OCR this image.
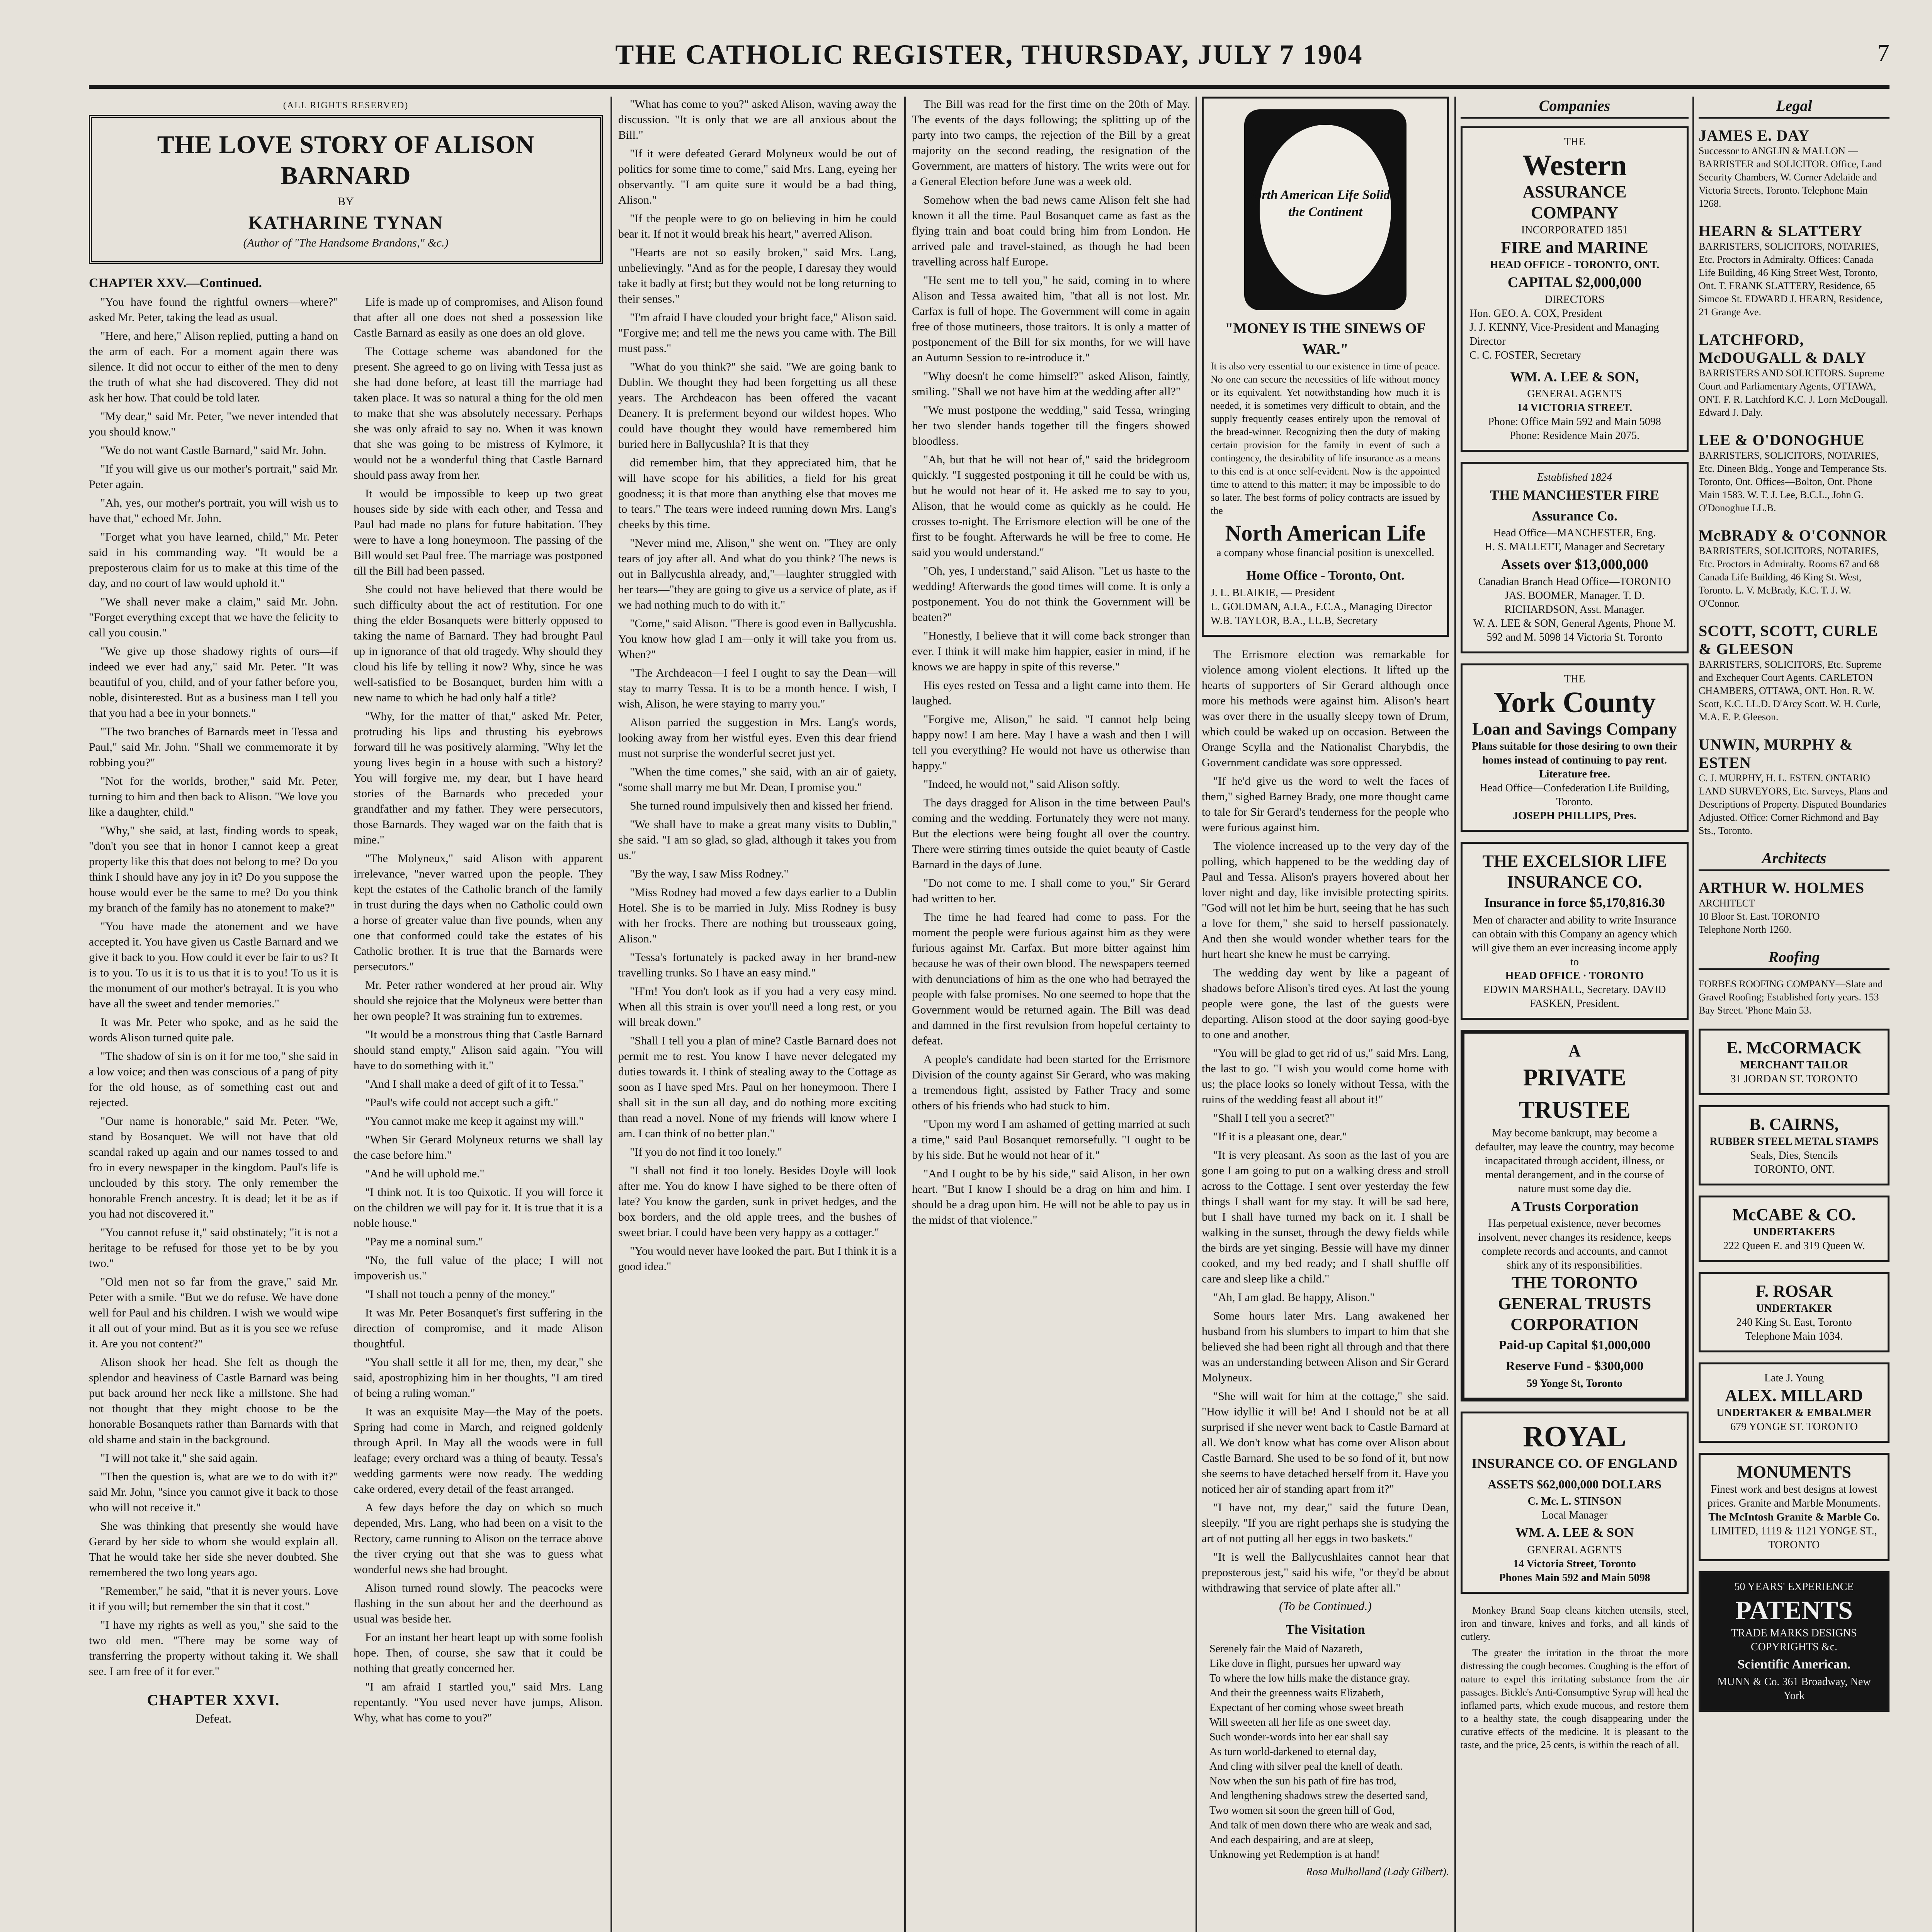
THE CATHOLIC REGISTER, THURSDAY, JULY 7 1904	7
(ALL RIGHTS RESERVED)
THE LOVE STORY OF ALISON BARNARD
BY
KATHARINE TYNAN
(Author of "The Handsome Brandons," &c.)
CHAPTER XXV.—Continued.

"You have found the rightful owners—where?" asked Mr. Peter, taking the lead as usual.

"Here, and here," Alison replied, putting a hand on the arm of each. For a moment again there was silence. It did not occur to either of the men to deny the truth of what she had discovered. They did not ask her how. That could be told later.

"My dear," said Mr. Peter, "we never intended that you should know."

"We do not want Castle Barnard," said Mr. John.

"If you will give us our mother's portrait," said Mr. Peter again.

"Ah, yes, our mother's portrait, you will wish us to have that," echoed Mr. John.

"Forget what you have learned, child," Mr. Peter said in his commanding way. "It would be a preposterous claim for us to make at this time of the day, and no court of law would uphold it."

"We shall never make a claim," said Mr. John. "Forget everything except that we have the felicity to call you cousin."

"We give up those shadowy rights of ours—if indeed we ever had any," said Mr. Peter. "It was beautiful of you, child, and of your father before you, noble, disinterested. But as a business man I tell you that you had a bee in your bonnets."

"The two branches of Barnards meet in Tessa and Paul," said Mr. John. "Shall we commemorate it by robbing you?"

"Not for the worlds, brother," said Mr. Peter, turning to him and then back to Alison. "We love you like a daughter, child."

"Why," she said, at last, finding words to speak, "don't you see that in honor I cannot keep a great property like this that does not belong to me? Do you think I should have any joy in it? Do you suppose the house would ever be the same to me? Do you think my branch of the family has no atonement to make?"

"You have made the atonement and we have accepted it. You have given us Castle Barnard and we give it back to you. How could it ever be fair to us? It is to you. To us it is to us that it is to you! To us it is the monument of our mother's betrayal. It is you who have all the sweet and tender memories."

It was Mr. Peter who spoke, and as he said the words Alison turned quite pale.

"The shadow of sin is on it for me too," she said in a low voice; and then was conscious of a pang of pity for the old house, as of something cast out and rejected.

"Our name is honorable," said Mr. Peter. "We, stand by Bosanquet. We will not have that old scandal raked up again and our names tossed to and fro in every newspaper in the kingdom. Paul's life is unclouded by this story. The only remember the honorable French ancestry. It is dead; let it be as if you had not discovered it."

"You cannot refuse it," said obstinately; "it is not a heritage to be refused for those yet to be by you two."

"Old men not so far from the grave," said Mr. Peter with a smile. "But we do refuse. We have done well for Paul and his children. I wish we would wipe it all out of your mind. But as it is you see we refuse it. Are you not content?"

Alison shook her head. She felt as though the splendor and heaviness of Castle Barnard was being put back around her neck like a millstone. She had not thought that they might choose to be the honorable Bosanquets rather than Barnards with that old shame and stain in the background.

"I will not take it," she said again.

"Then the question is, what are we to do with it?" said Mr. John, "since you cannot give it back to those who will not receive it."

She was thinking that presently she would have Gerard by her side to whom she would explain all. That he would take her side she never doubted. She remembered the two long years ago.

"Remember," he said, "that it is never yours. Love it if you will; but remember the sin that it cost."

"I have my rights as well as you," she said to the two old men. "There may be some way of transferring the property without taking it. We shall see. I am free of it for ever."

CHAPTER XXVI.
Defeat.

Life is made up of compromises, and Alison found that after all one does not shed a possession like Castle Barnard as easily as one does an old glove.

The Cottage scheme was abandoned for the present. She agreed to go on living with Tessa just as she had done before, at least till the marriage had taken place. It was so natural a thing for the old men to make that she was absolutely necessary. Perhaps she was only afraid to say no. When it was known that she was going to be mistress of Kylmore, it would not be a wonderful thing that Castle Barnard should pass away from her.

It would be impossible to keep up two great houses side by side with each other, and Tessa and Paul had made no plans for future habitation. They were to have a long honeymoon. The passing of the Bill would set Paul free. The marriage was postponed till the Bill had been passed.

She could not have believed that there would be such difficulty about the act of restitution. For one thing the elder Bosanquets were bitterly opposed to taking the name of Barnard. They had brought Paul up in ignorance of that old tragedy. Why should they cloud his life by telling it now? Why, since he was well-satisfied to be Bosanquet, burden him with a new name to which he had only half a title?

"Why, for the matter of that," asked Mr. Peter, protruding his lips and thrusting his eyebrows forward till he was positively alarming, "Why let the young lives begin in a house with such a history? You will forgive me, my dear, but I have heard stories of the Barnards who preceded your grandfather and my father. They were persecutors, those Barnards. They waged war on the faith that is mine."

"The Molyneux," said Alison with apparent irrelevance, "never warred upon the people. They kept the estates of the Catholic branch of the family in trust during the days when no Catholic could own a horse of greater value than five pounds, when any one that conformed could take the estates of his Catholic brother. It is true that the Barnards were persecutors."

Mr. Peter rather wondered at her proud air. Why should she rejoice that the Molyneux were better than her own people? It was straining fun to extremes.

"It would be a monstrous thing that Castle Barnard should stand empty," Alison said again. "You will have to do something with it."

"And I shall make a deed of gift of it to Tessa."

"Paul's wife could not accept such a gift."

"You cannot make me keep it against my will."

"When Sir Gerard Molyneux returns we shall lay the case before him."

"And he will uphold me."

"I think not. It is too Quixotic. If you will force it on the children we will pay for it. It is true that it is a noble house."

"Pay me a nominal sum."

"No, the full value of the place; I will not impoverish us."

"I shall not touch a penny of the money."

It was Mr. Peter Bosanquet's first suffering in the direction of compromise, and it made Alison thoughtful.

"You shall settle it all for me, then, my dear," she said, apostrophizing him in her thoughts, "I am tired of being a ruling woman."

It was an exquisite May—the May of the poets. Spring had come in March, and reigned goldenly through April. In May all the woods were in full leafage; every orchard was a thing of beauty. Tessa's wedding garments were now ready. The wedding cake ordered, every detail of the feast arranged.

A few days before the day on which so much depended, Mrs. Lang, who had been on a visit to the Rectory, came running to Alison on the terrace above the river crying out that she was to guess what wonderful news she had brought.

Alison turned round slowly. The peacocks were flashing in the sun about her and the deerhound as usual was beside her.

For an instant her heart leapt up with some foolish hope. Then, of course, she saw that it could be nothing that greatly concerned her.

"I am afraid I startled you," said Mrs. Lang repentantly. "You used never have jumps, Alison. Why, what has come to you?"

"What has come to you?" asked Alison, waving away the discussion. "It is only that we are all anxious about the Bill."

"If it were defeated Gerard Molyneux would be out of politics for some time to come," said Mrs. Lang, eyeing her observantly. "I am quite sure it would be a bad thing, Alison."

"If the people were to go on believing in him he could bear it. If not it would break his heart," averred Alison.

"Hearts are not so easily broken," said Mrs. Lang, unbelievingly. "And as for the people, I daresay they would take it badly at first; but they would not be long returning to their senses."

"I'm afraid I have clouded your bright face," Alison said. "Forgive me; and tell me the news you came with. The Bill must pass."

"What do you think?" she said. "We are going bank to Dublin. We thought they had been forgetting us all these years. The Archdeacon has been offered the vacant Deanery. It is preferment beyond our wildest hopes. Who could have thought they would have remembered him buried here in Ballycushla? It is that they

did remember him, that they appreciated him, that he will have scope for his abilities, a field for his great goodness; it is that more than anything else that moves me to tears." The tears were indeed running down Mrs. Lang's cheeks by this time.

"Never mind me, Alison," she went on. "They are only tears of joy after all. And what do you think? The news is out in Ballycushla already, and,"—laughter struggled with her tears—"they are going to give us a service of plate, as if we had nothing much to do with it."

"Come," said Alison. "There is good even in Ballycushla. You know how glad I am—only it will take you from us. When?"

"The Archdeacon—I feel I ought to say the Dean—will stay to marry Tessa. It is to be a month hence. I wish, I wish, Alison, he were staying to marry you."

Alison parried the suggestion in Mrs. Lang's words, looking away from her wistful eyes. Even this dear friend must not surprise the wonderful secret just yet.

"When the time comes," she said, with an air of gaiety, "some shall marry me but Mr. Dean, I promise you."

She turned round impulsively then and kissed her friend.

"We shall have to make a great many visits to Dublin," she said. "I am so glad, so glad, although it takes you from us."

"By the way, I saw Miss Rodney."

"Miss Rodney had moved a few days earlier to a Dublin Hotel. She is to be married in July. Miss Rodney is busy with her frocks. There are nothing but trousseaux going, Alison."

"Tessa's fortunately is packed away in her brand-new travelling trunks. So I have an easy mind."

"H'm! You don't look as if you had a very easy mind. When all this strain is over you'll need a long rest, or you will break down."

"Shall I tell you a plan of mine? Castle Barnard does not permit me to rest. You know I have never delegated my duties towards it. I think of stealing away to the Cottage as soon as I have sped Mrs. Paul on her honeymoon. There I shall sit in the sun all day, and do nothing more exciting than read a novel. None of my friends will know where I am. I can think of no better plan."

"If you do not find it too lonely."

"I shall not find it too lonely. Besides Doyle will look after me. You do know I have sighed to be there often of late? You know the garden, sunk in privet hedges, and the box borders, and the old apple trees, and the bushes of sweet briar. I could have been very happy as a cottager."

"You would never have looked the part. But I think it is a good idea."

The Bill was read for the first time on the 20th of May. The events of the days following; the splitting up of the party into two camps, the rejection of the Bill by a great majority on the second reading, the resignation of the Government, are matters of history. The writs were out for a General Election before June was a week old.

Somehow when the bad news came Alison felt she had known it all the time. Paul Bosanquet came as fast as the flying train and boat could bring him from London. He arrived pale and travel-stained, as though he had been travelling across half Europe.

"He sent me to tell you," he said, coming in to where Alison and Tessa awaited him, "that all is not lost. Mr. Carfax is full of hope. The Government will come in again free of those mutineers, those traitors. It is only a matter of postponement of the Bill for six months, for we will have an Autumn Session to re-introduce it."

"Why doesn't he come himself?" asked Alison, faintly, smiling. "Shall we not have him at the wedding after all?"

"We must postpone the wedding," said Tessa, wringing her two slender hands together till the fingers showed bloodless.

"Ah, but that he will not hear of," said the bridegroom quickly. "I suggested postponing it till he could be with us, but he would not hear of it. He asked me to say to you, Alison, that he would come as quickly as he could. He crosses to-night. The Errismore election will be one of the first to be fought. Afterwards he will be free to come. He said you would understand."

"Oh, yes, I understand," said Alison. "Let us haste to the wedding! Afterwards the good times will come. It is only a postponement. You do not think the Government will be beaten?"

"Honestly, I believe that it will come back stronger than ever. I think it will make him happier, easier in mind, if he knows we are happy in spite of this reverse."

His eyes rested on Tessa and a light came into them. He laughed.

"Forgive me, Alison," he said. "I cannot help being happy now! I am here. May I have a wash and then I will tell you everything? He would not have us otherwise than happy."

"Indeed, he would not," said Alison softly.

The days dragged for Alison in the time between Paul's coming and the wedding. Fortunately they were not many. But the elections were being fought all over the country. There were stirring times outside the quiet beauty of Castle Barnard in the days of June.

"Do not come to me. I shall come to you," Sir Gerard had written to her.

The time he had feared had come to pass. For the moment the people were furious against him as they were furious against Mr. Carfax. But more bitter against him because he was of their own blood. The newspapers teemed with denunciations of him as the one who had betrayed the people with false promises. No one seemed to hope that the Government would be returned again. The Bill was dead and damned in the first revulsion from hopeful certainty to defeat.

A people's candidate had been started for the Errismore Division of the county against Sir Gerard, who was making a tremendous fight, assisted by Father Tracy and some others of his friends who had stuck to him.

"Upon my word I am ashamed of getting married at such a time," said Paul Bosanquet remorsefully. "I ought to be by his side. But he would not hear of it."

"And I ought to be by his side," said Alison, in her own heart. "But I know I should be a drag on him and him. I should be a drag upon him. He will not be able to pay us in the midst of that violence."

North American Life Solid as the Continent
"MONEY IS THE SINEWS OF WAR."

It is also very essential to our existence in time of peace. No one can secure the necessities of life without money or its equivalent. Yet notwithstanding how much it is needed, it is sometimes very difficult to obtain, and the supply frequently ceases entirely upon the removal of the bread-winner. Recognizing then the duty of making certain provision for the family in event of such a contingency, the desirability of life insurance as a means to this end is at once self-evident. Now is the appointed time to attend to this matter; it may be impossible to do so later. The best forms of policy contracts are issued by the

North American Life
a company whose financial position is unexcelled.
Home Office - Toronto, Ont.
J. L. BLAIKIE, — President
L. GOLDMAN, A.I.A., F.C.A., Managing Director
W.B. TAYLOR, B.A., LL.B, Secretary

The Errismore election was remarkable for violence among violent elections. It lifted up the hearts of supporters of Sir Gerard although once more his methods were against him. Alison's heart was over there in the usually sleepy town of Drum, which could be waked up on occasion. Between the Orange Scylla and the Nationalist Charybdis, the Government candidate was sore oppressed.

"If he'd give us the word to welt the faces of them," sighed Barney Brady, one more thought came to tale for Sir Gerard's tenderness for the people who were furious against him.

The violence increased up to the very day of the polling, which happened to be the wedding day of Paul and Tessa. Alison's prayers hovered about her lover night and day, like invisible protecting spirits. "God will not let him be hurt, seeing that he has such a love for them," she said to herself passionately. And then she would wonder whether tears for the hurt heart she knew he must be carrying.

The wedding day went by like a pageant of shadows before Alison's tired eyes. At last the young people were gone, the last of the guests were departing. Alison stood at the door saying good-bye to one and another.

"You will be glad to get rid of us," said Mrs. Lang, the last to go. "I wish you would come home with us; the place looks so lonely without Tessa, with the ruins of the wedding feast all about it!"

"Shall I tell you a secret?"

"If it is a pleasant one, dear."

"It is very pleasant. As soon as the last of you are gone I am going to put on a walking dress and stroll across to the Cottage. I sent over yesterday the few things I shall want for my stay. It will be sad here, but I shall have turned my back on it. I shall be walking in the sunset, through the dewy fields while the birds are yet singing. Bessie will have my dinner cooked, and my bed ready; and I shall shuffle off care and sleep like a child."

"Ah, I am glad. Be happy, Alison."

Some hours later Mrs. Lang awakened her husband from his slumbers to impart to him that she believed she had been right all through and that there was an understanding between Alison and Sir Gerard Molyneux.

"She will wait for him at the cottage," she said. "How idyllic it will be! And I should not be at all surprised if she never went back to Castle Barnard at all. We don't know what has come over Alison about Castle Barnard. She used to be so fond of it, but now she seems to have detached herself from it. Have you noticed her air of standing apart from it?"

"I have not, my dear," said the future Dean, sleepily. "If you are right perhaps she is studying the art of not putting all her eggs in two baskets."

"It is well the Ballycushlaites cannot hear that preposterous jest," said his wife, "or they'd be about withdrawing that service of plate after all."

(To be Continued.)
The Visitation
Serenely fair the Maid of Nazareth,
Like dove in flight, pursues her upward way
To where the low hills make the distance gray.
And their the greenness waits Elizabeth,
Expectant of her coming whose sweet breath
Will sweeten all her life as one sweet day.
Such wonder-words into her ear shall say
As turn world-darkened to eternal day,
And cling with silver peal the knell of death.
Now when the sun his path of fire has trod,
And lengthening shadows strew the deserted sand,
Two women sit soon the green hill of God,
And talk of men down there who are weak and sad,
And each despairing, and are at sleep,
Unknowing yet Redemption is at hand!
Rosa Mulholland (Lady Gilbert).
Companies
THE
Western
ASSURANCE
COMPANY
INCORPORATED 1851
FIRE and MARINE
HEAD OFFICE - TORONTO, ONT.
CAPITAL $2,000,000
DIRECTORS
Hon. GEO. A. COX, President
J. J. KENNY, Vice-President and Managing Director
C. C. FOSTER, Secretary
WM. A. LEE & SON,
GENERAL AGENTS
14 VICTORIA STREET.
Phone: Office Main 592 and Main 5098
Phone: Residence Main 2075.
Established 1824
THE MANCHESTER FIRE Assurance Co.
Head Office—MANCHESTER, Eng.
H. S. MALLETT, Manager and Secretary
Assets over $13,000,000
Canadian Branch Head Office—TORONTO
JAS. BOOMER, Manager. T. D. RICHARDSON, Asst. Manager.
W. A. LEE & SON, General Agents, Phone M. 592 and M. 5098 14 Victoria St. Toronto
THE
York County
Loan and Savings Company
Plans suitable for those desiring to own their homes instead of continuing to pay rent. Literature free.
Head Office—Confederation Life Building, Toronto.
JOSEPH PHILLIPS, Pres.
THE EXCELSIOR LIFE INSURANCE CO.
Insurance in force $5,170,816.30
Men of character and ability to write Insurance can obtain with this Company an agency which will give them an ever increasing income apply to
HEAD OFFICE · TORONTO
EDWIN MARSHALL, Secretary. DAVID FASKEN, President.
A
PRIVATE TRUSTEE
May become bankrupt, may become a defaulter, may leave the country, may become incapacitated through accident, illness, or mental derangement, and in the course of nature must some day die.
A Trusts Corporation
Has perpetual existence, never becomes insolvent, never changes its residence, keeps complete records and accounts, and cannot shirk any of its responsibilities.
THE TORONTO GENERAL TRUSTS CORPORATION
Paid-up Capital $1,000,000
Reserve Fund - $300,000
59 Yonge St, Toronto
ROYAL
INSURANCE CO. OF ENGLAND
ASSETS $62,000,000 DOLLARS
C. Mc. L. STINSON
Local Manager
WM. A. LEE & SON
GENERAL AGENTS
14 Victoria Street, Toronto
Phones Main 592 and Main 5098

Monkey Brand Soap cleans kitchen utensils, steel, iron and tinware, knives and forks, and all kinds of cutlery.

The greater the irritation in the throat the more distressing the cough becomes. Coughing is the effort of nature to expel this irritating substance from the air passages. Bickle's Anti-Consumptive Syrup will heal the inflamed parts, which exude mucous, and restore them to a healthy state, the cough disappearing under the curative effects of the medicine. It is pleasant to the taste, and the price, 25 cents, is within the reach of all.

Legal
JAMES E. DAY
Successor to ANGLIN & MALLON — BARRISTER and SOLICITOR. Office, Land Security Chambers, W. Corner Adelaide and Victoria Streets, Toronto. Telephone Main 1268.
HEARN & SLATTERY
BARRISTERS, SOLICITORS, NOTARIES, Etc. Proctors in Admiralty. Offices: Canada Life Building, 46 King Street West, Toronto, Ont. T. FRANK SLATTERY, Residence, 65 Simcoe St. EDWARD J. HEARN, Residence, 21 Grange Ave.
LATCHFORD, McDOUGALL & DALY
BARRISTERS AND SOLICITORS. Supreme Court and Parliamentary Agents, OTTAWA, ONT. F. R. Latchford K.C. J. Lorn McDougall. Edward J. Daly.
LEE & O'DONOGHUE
BARRISTERS, SOLICITORS, NOTARIES, Etc. Dineen Bldg., Yonge and Temperance Sts. Toronto, Ont. Offices—Bolton, Ont. Phone Main 1583. W. T. J. Lee, B.C.L., John G. O'Donoghue LL.B.
McBRADY & O'CONNOR
BARRISTERS, SOLICITORS, NOTARIES, Etc. Proctors in Admiralty. Rooms 67 and 68 Canada Life Building, 46 King St. West, Toronto. L. V. McBrady, K.C. T. J. W. O'Connor.
SCOTT, SCOTT, CURLE & GLEESON
BARRISTERS, SOLICITORS, Etc. Supreme and Exchequer Court Agents. CARLETON CHAMBERS, OTTAWA, ONT. Hon. R. W. Scott, K.C. LL.D. D'Arcy Scott. W. H. Curle, M.A. E. P. Gleeson.
UNWIN, MURPHY & ESTEN
C. J. MURPHY, H. L. ESTEN. ONTARIO LAND SURVEYORS, Etc. Surveys, Plans and Descriptions of Property. Disputed Boundaries Adjusted. Office: Corner Richmond and Bay Sts., Toronto.
Architects
ARTHUR W. HOLMES
ARCHITECT
10 Bloor St. East. TORONTO
Telephone North 1260.
Roofing
FORBES ROOFING COMPANY—Slate and Gravel Roofing; Established forty years. 153 Bay Street. 'Phone Main 53.
E. McCORMACK
MERCHANT TAILOR
31 JORDAN ST. TORONTO
B. CAIRNS,
RUBBER STEEL METAL STAMPS
Seals, Dies, Stencils
TORONTO, ONT.
McCABE & CO.
UNDERTAKERS
222 Queen E. and 319 Queen W.
F. ROSAR
UNDERTAKER
240 King St. East, Toronto
Telephone Main 1034.
Late J. Young
ALEX. MILLARD
UNDERTAKER & EMBALMER
679 YONGE ST. TORONTO
MONUMENTS
Finest work and best designs at lowest prices. Granite and Marble Monuments.
The McIntosh Granite & Marble Co.
LIMITED, 1119 & 1121 YONGE ST., TORONTO
50 YEARS' EXPERIENCE
PATENTS
TRADE MARKS DESIGNS COPYRIGHTS &c.
Scientific American.
MUNN & Co. 361 Broadway, New York
